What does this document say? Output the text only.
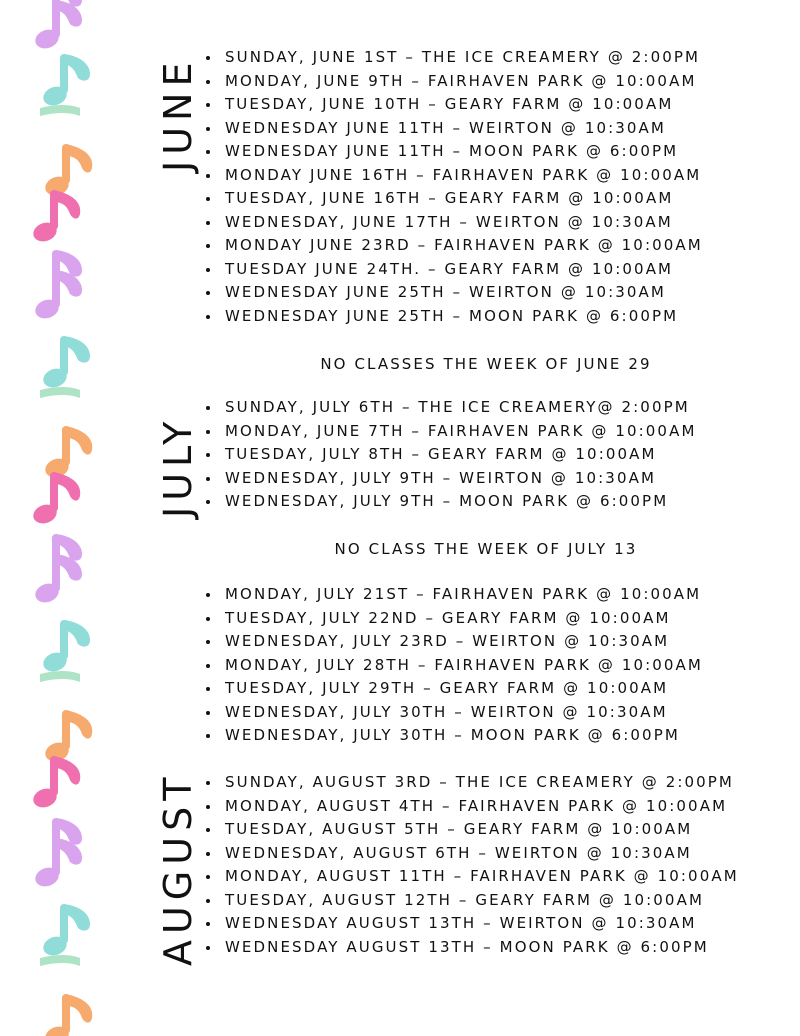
JUNE
JULY
AUGUST
SUNDAY, JUNE 1ST – THE ICE CREAMERY @ 2:00PM
MONDAY, JUNE 9TH – FAIRHAVEN PARK @ 10:00AM
TUESDAY, JUNE 10TH – GEARY FARM @ 10:00AM
WEDNESDAY JUNE 11TH – WEIRTON @ 10:30AM
WEDNESDAY JUNE 11TH – MOON PARK @ 6:00PM
MONDAY JUNE 16TH – FAIRHAVEN PARK @ 10:00AM
TUESDAY, JUNE 16TH – GEARY FARM @ 10:00AM
WEDNESDAY, JUNE 17TH – WEIRTON @ 10:30AM
MONDAY JUNE 23RD – FAIRHAVEN PARK @ 10:00AM
TUESDAY JUNE 24TH. – GEARY FARM @ 10:00AM
WEDNESDAY JUNE 25TH – WEIRTON @ 10:30AM
WEDNESDAY JUNE 25TH – MOON PARK @ 6:00PM
NO CLASSES THE WEEK OF JUNE 29
SUNDAY, JULY 6TH – THE ICE CREAMERY@ 2:00PM
MONDAY, JUNE 7TH – FAIRHAVEN PARK @ 10:00AM
TUESDAY, JULY 8TH – GEARY FARM @ 10:00AM
WEDNESDAY, JULY 9TH – WEIRTON @ 10:30AM
WEDNESDAY, JULY 9TH – MOON PARK @ 6:00PM
NO CLASS THE WEEK OF JULY 13
MONDAY, JULY 21ST – FAIRHAVEN PARK @ 10:00AM
TUESDAY, JULY 22ND – GEARY FARM @ 10:00AM
WEDNESDAY, JULY 23RD – WEIRTON @ 10:30AM
MONDAY, JULY 28TH – FAIRHAVEN PARK @ 10:00AM
TUESDAY, JULY 29TH – GEARY FARM @ 10:00AM
WEDNESDAY, JULY 30TH – WEIRTON @ 10:30AM
WEDNESDAY, JULY 30TH – MOON PARK @ 6:00PM
SUNDAY, AUGUST 3RD – THE ICE CREAMERY @ 2:00PM
MONDAY, AUGUST 4TH – FAIRHAVEN PARK @ 10:00AM
TUESDAY, AUGUST 5TH – GEARY FARM @ 10:00AM
WEDNESDAY, AUGUST 6TH – WEIRTON @ 10:30AM
MONDAY, AUGUST 11TH – FAIRHAVEN PARK @ 10:00AM
TUESDAY, AUGUST 12TH – GEARY FARM @ 10:00AM
WEDNESDAY AUGUST 13TH – WEIRTON @ 10:30AM
WEDNESDAY AUGUST 13TH – MOON PARK @ 6:00PM
